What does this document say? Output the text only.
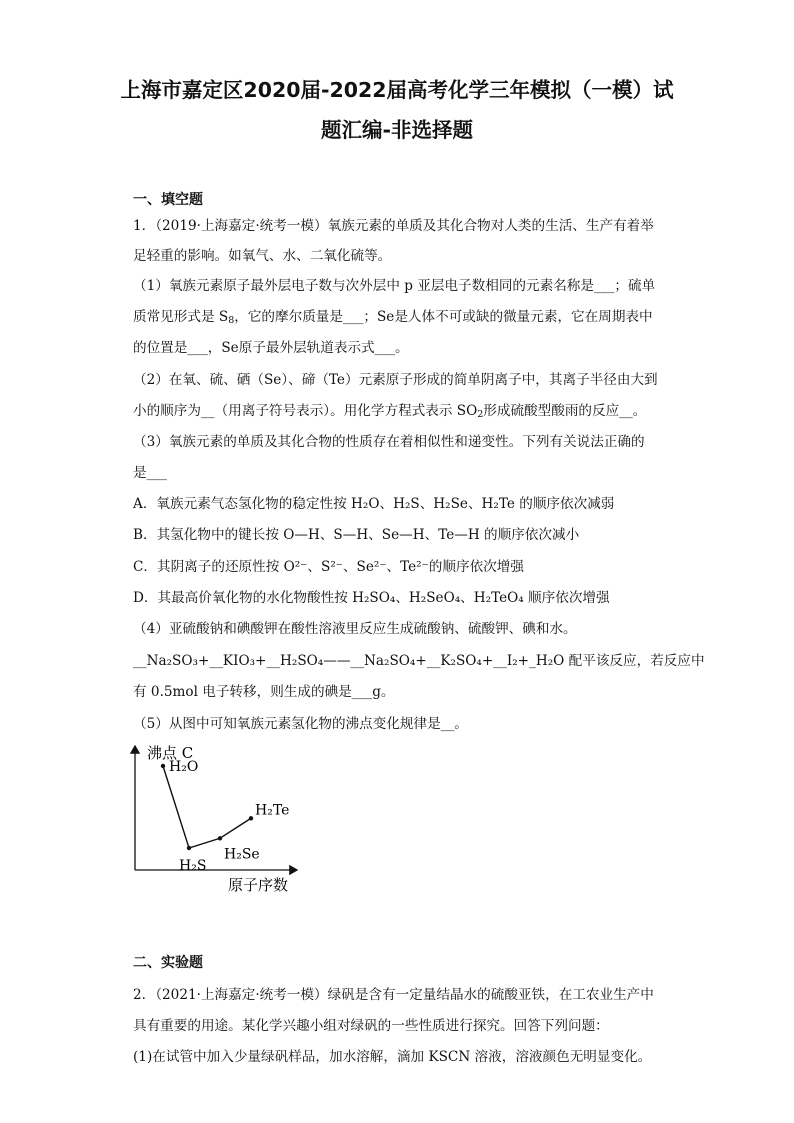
上海市嘉定区2020届-2022届高考化学三年模拟（一模）试
题汇编-非选择题
一、填空题
1．（2019·上海嘉定·统考一模）氧族元素的单质及其化合物对人类的生活、生产有着举
足轻重的影响。如氧气、水、二氧化硫等。
（1）氧族元素原子最外层电子数与次外层中 p 亚层电子数相同的元素名称是___；硫单
质常见形式是 $S_8$，它的摩尔质量是___；Se是人体不可或缺的微量元素，它在周期表中
的位置是___，Se原子最外层轨道表示式___。
（2）在氧、硫、硒（Se）、碲（Te）元素原子形成的简单阴离子中，其离子半径由大到
小的顺序为__（用离子符号表示）。用化学方程式表示 $SO_2$形成硫酸型酸雨的反应__。
（3）氧族元素的单质及其化合物的性质存在着相似性和递变性。下列有关说法正确的
是___
A．氧族元素气态氢化物的稳定性按 H₂O、H₂S、H₂Se、H₂Te 的顺序依次减弱
B．其氢化物中的键长按 O—H、S—H、Se—H、Te—H 的顺序依次减小
C．其阴离子的还原性按 O²⁻、S²⁻、Se²⁻、Te²⁻的顺序依次增强
D．其最高价氧化物的水化物酸性按 H₂SO₄、H₂SeO₄、H₂TeO₄ 顺序依次增强
（4）亚硫酸钠和碘酸钾在酸性溶液里反应生成硫酸钠、硫酸钾、碘和水。
__Na₂SO₃+__KIO₃+__H₂SO₄——__Na₂SO₄+__K₂SO₄+__I₂+_H₂O 配平该反应，若反应中
有 0.5mol 电子转移，则生成的碘是___g。
（5）从图中可知氧族元素氢化物的沸点变化规律是__。
沸点 C
原子序数
H₂O
H₂S
H₂Se
H₂Te
二、实验题
2．（2021·上海嘉定·统考一模）绿矾是含有一定量结晶水的硫酸亚铁，在工农业生产中
具有重要的用途。某化学兴趣小组对绿矾的一些性质进行探究。回答下列问题：
(1)在试管中加入少量绿矾样品，加水溶解，滴加 KSCN 溶液，溶液颜色无明显变化。
